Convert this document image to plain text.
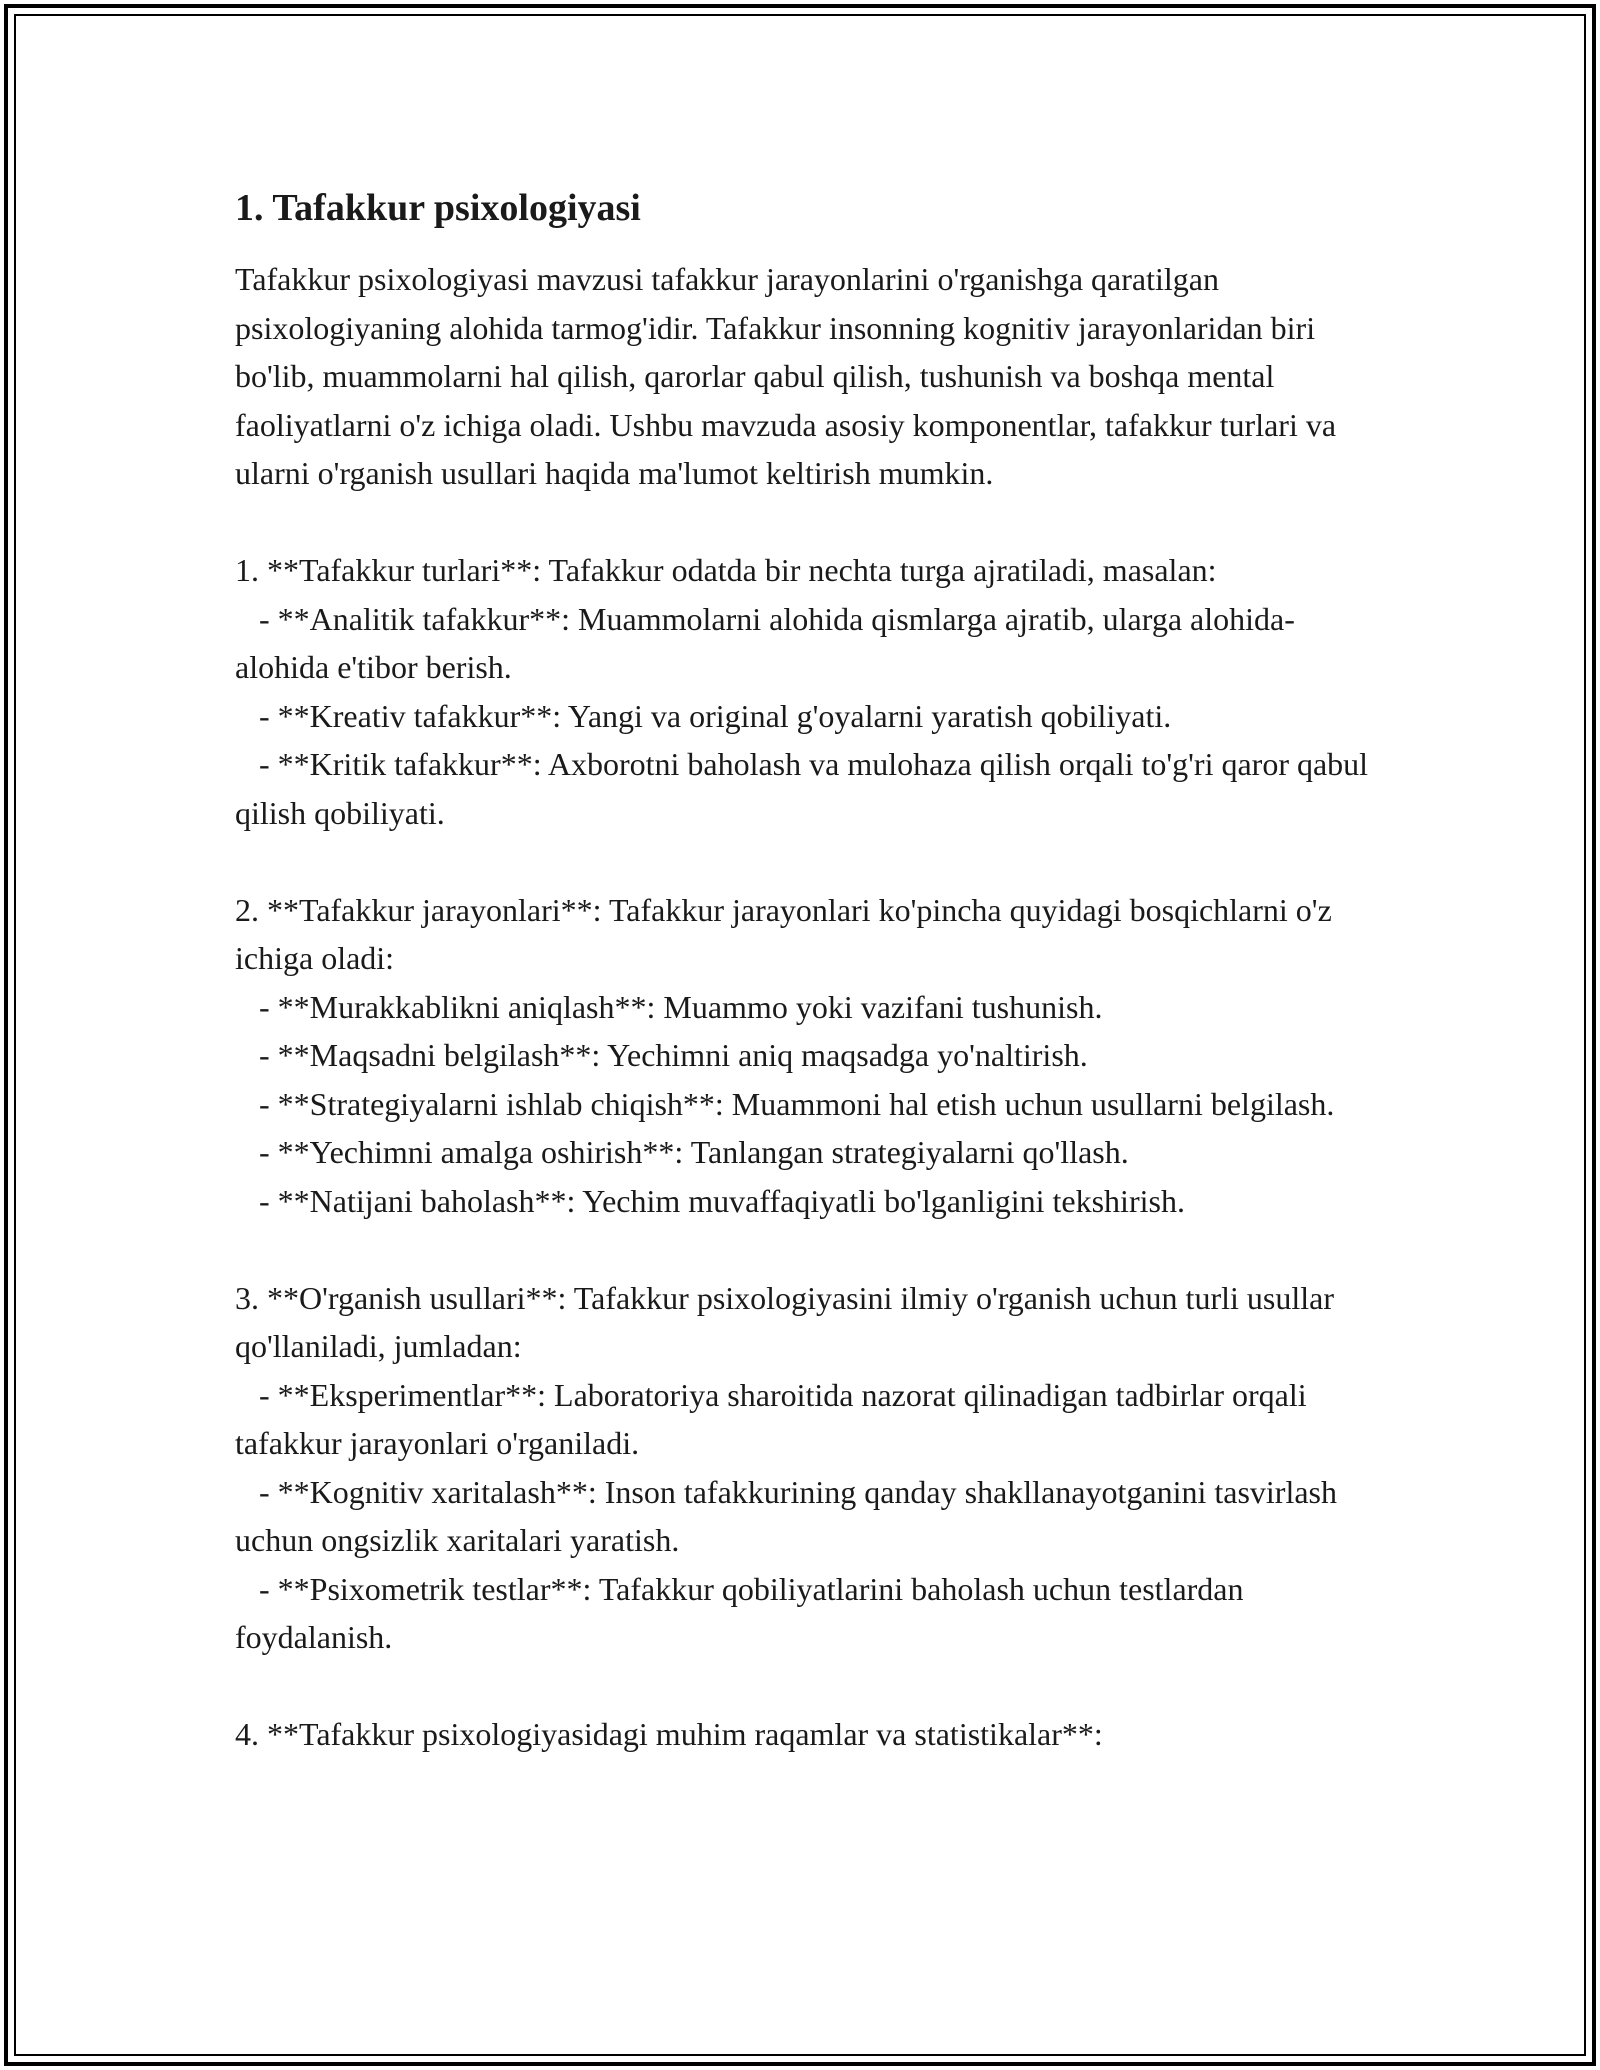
1. Tafakkur psixologiyasi

Tafakkur psixologiyasi mavzusi tafakkur jarayonlarini o'rganishga qaratilgan psixologiyaning alohida tarmog'idir. Tafakkur insonning kognitiv jarayonlaridan biri bo'lib, muammolarni hal qilish, qarorlar qabul qilish, tushunish va boshqa mental faoliyatlarni o'z ichiga oladi. Ushbu mavzuda asosiy komponentlar, tafakkur turlari va ularni o'rganish usullari haqida ma'lumot keltirish mumkin.

1. **Tafakkur turlari**: Tafakkur odatda bir nechta turga ajratiladi, masalan:

- **Analitik tafakkur**: Muammolarni alohida qismlarga ajratib, ularga alohida-alohida e'tibor berish.

- **Kreativ tafakkur**: Yangi va original g'oyalarni yaratish qobiliyati.

- **Kritik tafakkur**: Axborotni baholash va mulohaza qilish orqali to'g'ri qaror qabul qilish qobiliyati.

2. **Tafakkur jarayonlari**: Tafakkur jarayonlari ko'pincha quyidagi bosqichlarni o'z ichiga oladi:

- **Murakkablikni aniqlash**: Muammo yoki vazifani tushunish.

- **Maqsadni belgilash**: Yechimni aniq maqsadga yo'naltirish.

- **Strategiyalarni ishlab chiqish**: Muammoni hal etish uchun usullarni belgilash.

- **Yechimni amalga oshirish**: Tanlangan strategiyalarni qo'llash.

- **Natijani baholash**: Yechim muvaffaqiyatli bo'lganligini tekshirish.

3. **O'rganish usullari**: Tafakkur psixologiyasini ilmiy o'rganish uchun turli usullar qo'llaniladi, jumladan:

- **Eksperimentlar**: Laboratoriya sharoitida nazorat qilinadigan tadbirlar orqali tafakkur jarayonlari o'rganiladi.

- **Kognitiv xaritalash**: Inson tafakkurining qanday shakllanayotganini tasvirlash uchun ongsizlik xaritalari yaratish.

- **Psixometrik testlar**: Tafakkur qobiliyatlarini baholash uchun testlardan foydalanish.

4. **Tafakkur psixologiyasidagi muhim raqamlar va statistikalar**:
